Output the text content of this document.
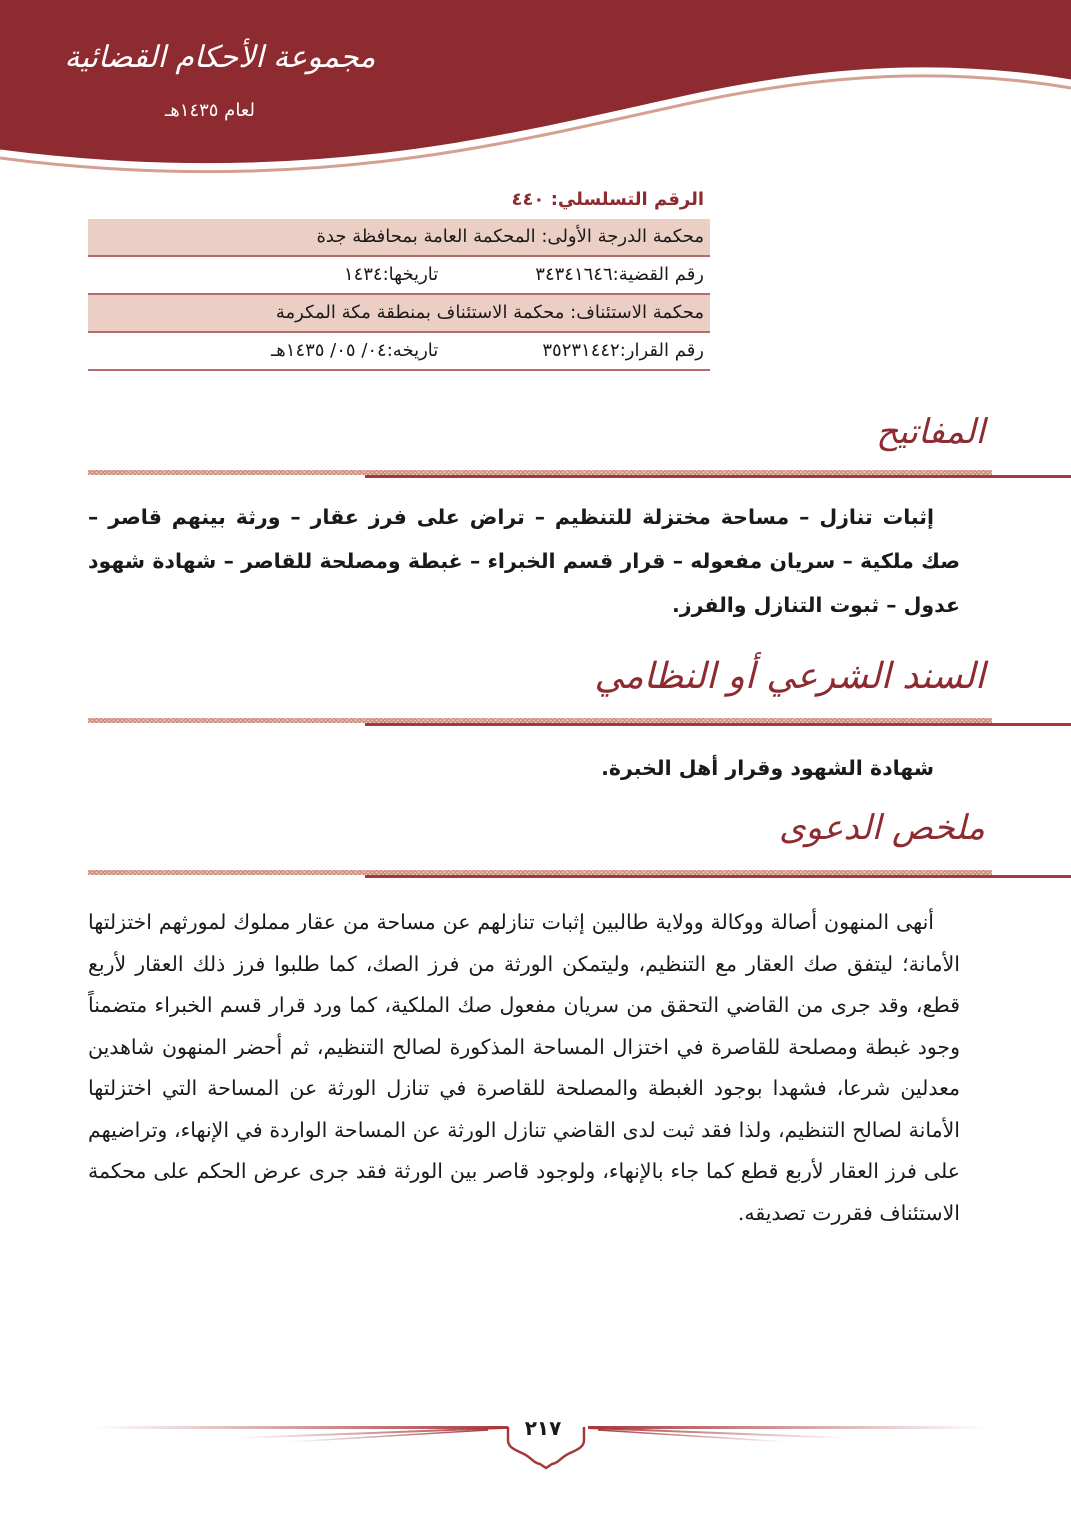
مجموعة الأحكام القضائية
لعام ١٤٣٥هـ
الرقم التسلسلي: ٤٤٠
محكمة الدرجة الأولى: المحكمة العامة بمحافظة جدة
رقم القضية:٣٤٣٤١٦٤٦ تاريخها:١٤٣٤
محكمة الاستئناف: محكمة الاستئناف بمنطقة مكة المكرمة
رقم القرار:٣٥٢٣١٤٤٢ تاريخه:٠٤/ ٠٥/ ١٤٣٥هـ
المفاتيح
إثبات تنازل – مساحة مختزلة للتنظيم – تراض على فرز عقار – ورثة بينهم قاصر – صك ملكية – سريان مفعوله – قرار قسم الخبراء – غبطة ومصلحة للقاصر – شهادة شهود عدول – ثبوت التنازل والفرز.
السند الشرعي أو النظامي
شهادة الشهود وقرار أهل الخبرة.
ملخص الدعوى
أنهى المنهون أصالة ووكالة وولاية طالبين إثبات تنازلهم عن مساحة من عقار مملوك لمورثهم اختزلتها الأمانة؛ ليتفق صك العقار مع التنظيم، وليتمكن الورثة من فرز الصك، كما طلبوا فرز ذلك العقار لأربع قطع، وقد جرى من القاضي التحقق من سريان مفعول صك الملكية، كما ورد قرار قسم الخبراء متضمناً وجود غبطة ومصلحة للقاصرة في اختزال المساحة المذكورة لصالح التنظيم، ثم أحضر المنهون شاهدين معدلين شرعا، فشهدا بوجود الغبطة والمصلحة للقاصرة في تنازل الورثة عن المساحة التي اختزلتها الأمانة لصالح التنظيم، ولذا فقد ثبت لدى القاضي تنازل الورثة عن المساحة الواردة في الإنهاء، وتراضيهم على فرز العقار لأربع قطع كما جاء بالإنهاء، ولوجود قاصر بين الورثة فقد جرى عرض الحكم على محكمة الاستئناف فقررت تصديقه.
٢١٧
